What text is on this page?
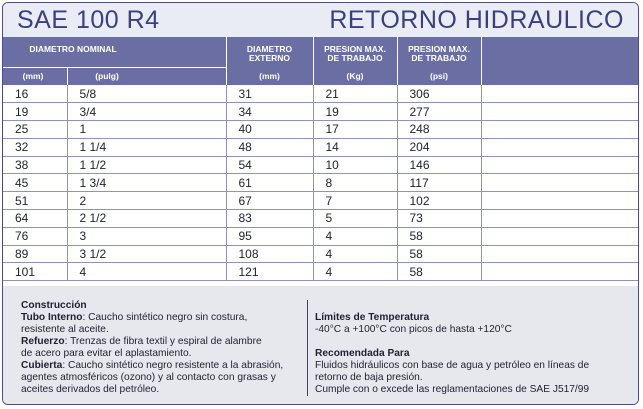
SAE 100 R4	RETORNO HIDRAULICO
DIAMETRO NOMINAL
(mm)	(pulg)
DIAMETRO
EXTERNO
(mm)
PRESION MAX.
DE TRABAJO
(Kg)
PRESION MAX.
DE TRABAJO
(psi)
16	5/8	31	21	306	
19	3/4	34	19	277	
25	1	40	17	248	
32	1 1/4	48	14	204	
38	1 1/2	54	10	146	
45	1 3/4	61	8	117	
51	2	67	7	102	
64	2 1/2	83	5	73	
76	3	95	4	58	
89	3 1/2	108	4	58	
101	4	121	4	58	
Construcción
Tubo Interno: Caucho sintético negro sin costura,
resistente al aceite.
Refuerzo: Trenzas de fibra textil y espiral de alambre
de acero para evitar el aplastamiento.
Cubierta: Caucho sintético negro resistente a la abrasión,
agentes atmosféricos (ozono) y al contacto con grasas y
aceites derivados del petróleo.
Límites de Temperatura
-40°C a +100°C con picos de hasta +120°C
Recomendada Para
Fluidos hidráulicos con base de agua y petróleo en líneas de
retorno de baja presión.
Cumple con o excede las reglamentaciones de SAE J517/99
